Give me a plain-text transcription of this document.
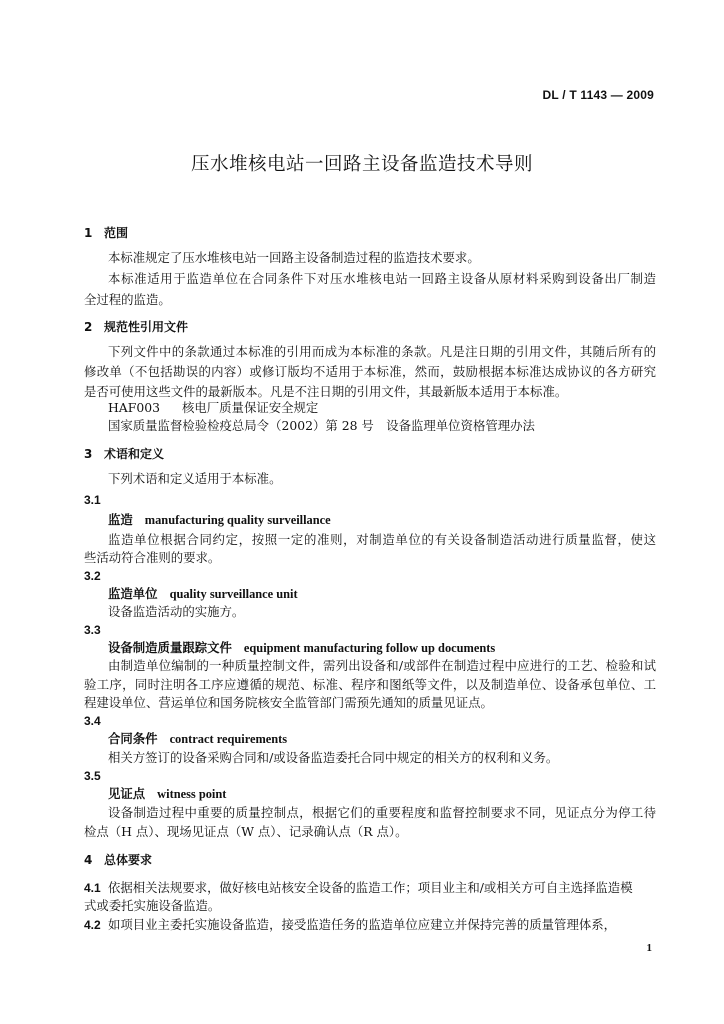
DL / T 1143 — 2009
压水堆核电站一回路主设备监造技术导则
1 范围
本标准规定了压水堆核电站一回路主设备制造过程的监造技术要求。
本标准适用于监造单位在合同条件下对压水堆核电站一回路主设备从原材料采购到设备出厂制造
全过程的监造。
2 规范性引用文件
下列文件中的条款通过本标准的引用而成为本标准的条款。凡是注日期的引用文件，其随后所有的
修改单（不包括勘误的内容）或修订版均不适用于本标准，然而，鼓励根据本标准达成协议的各方研究
是否可使用这些文件的最新版本。凡是不注日期的引用文件，其最新版本适用于本标准。
HAF003 核电厂质量保证安全规定
国家质量监督检验检疫总局令（2002）第 28 号　设备监理单位资格管理办法
3 术语和定义
下列术语和定义适用于本标准。
3.1
监造 manufacturing quality surveillance
监造单位根据合同约定，按照一定的准则，对制造单位的有关设备制造活动进行质量监督，使这
些活动符合准则的要求。
3.2
监造单位 quality surveillance unit
设备监造活动的实施方。
3.3
设备制造质量跟踪文件 equipment manufacturing follow up documents
由制造单位编制的一种质量控制文件，需列出设备和/或部件在制造过程中应进行的工艺、检验和试
验工序，同时注明各工序应遵循的规范、标准、程序和图纸等文件，以及制造单位、设备承包单位、工
程建设单位、营运单位和国务院核安全监管部门需预先通知的质量见证点。
3.4
合同条件 contract requirements
相关方签订的设备采购合同和/或设备监造委托合同中规定的相关方的权利和义务。
3.5
见证点 witness point
设备制造过程中重要的质量控制点，根据它们的重要程度和监督控制要求不同，见证点分为停工待
检点（H 点）、现场见证点（W 点）、记录确认点（R 点）。
4 总体要求
4.1 依据相关法规要求，做好核电站核安全设备的监造工作；项目业主和/或相关方可自主选择监造模
式或委托实施设备监造。
4.2 如项目业主委托实施设备监造，接受监造任务的监造单位应建立并保持完善的质量管理体系，
1
